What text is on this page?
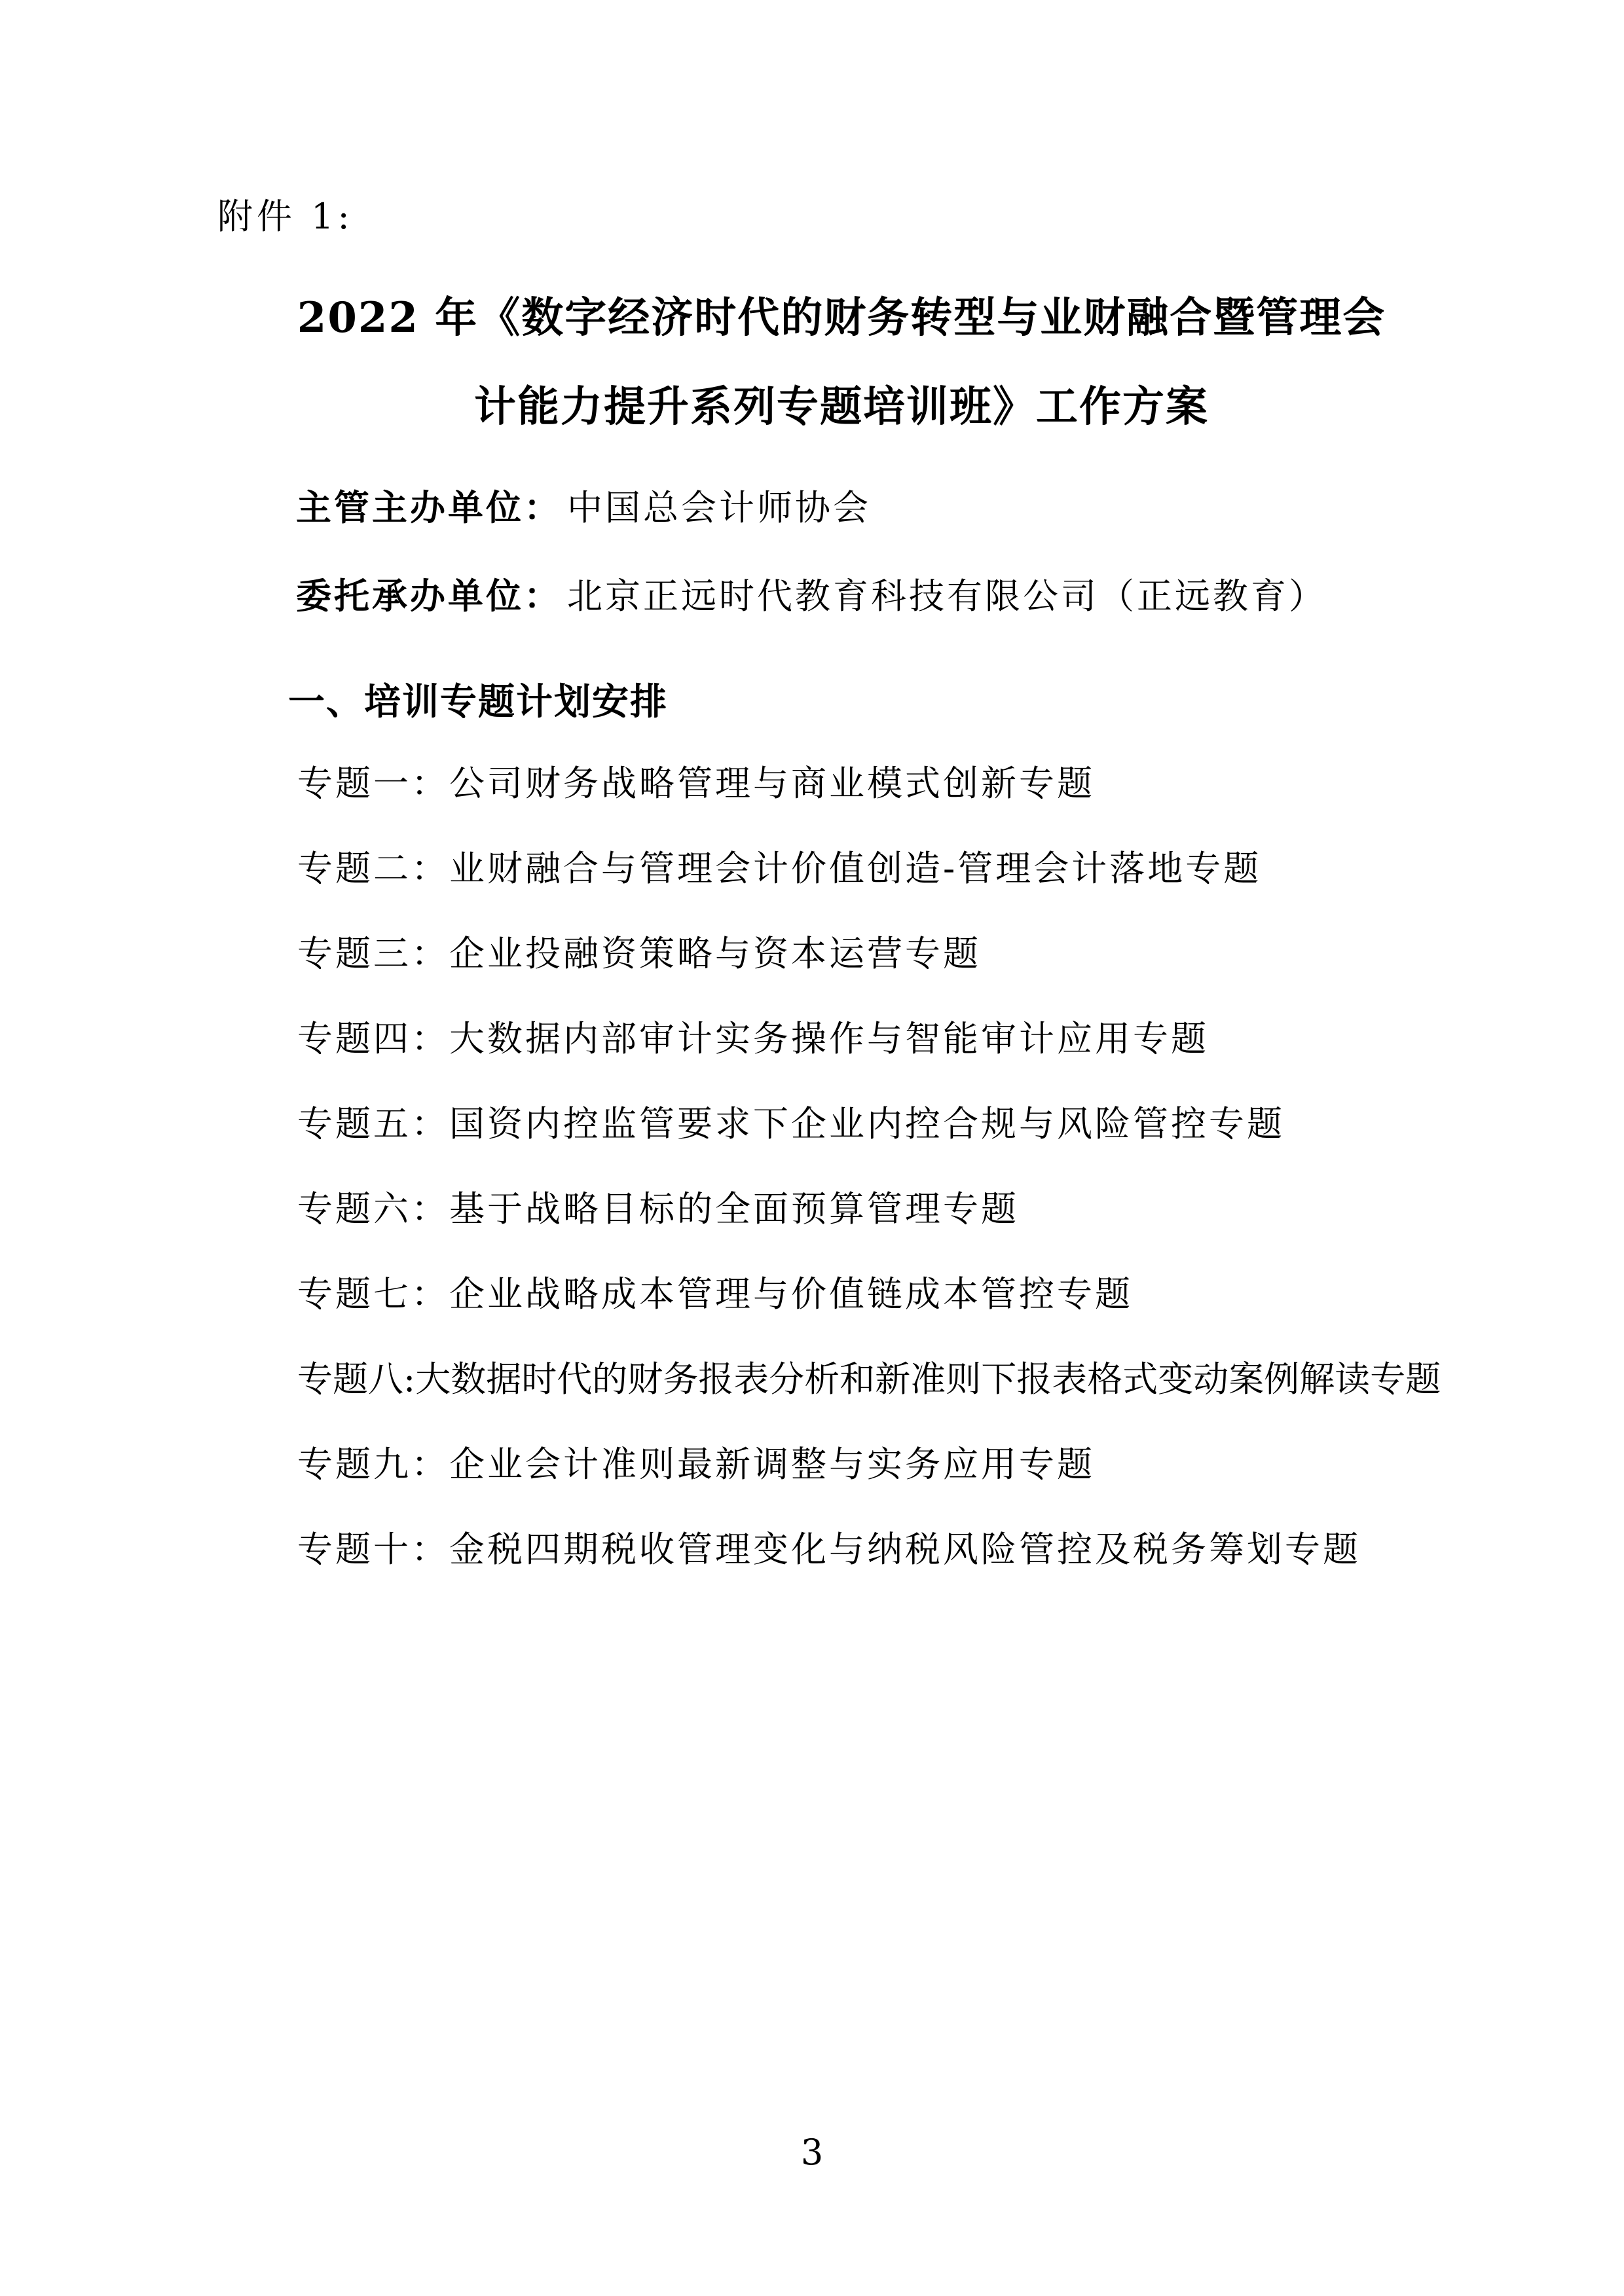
附件 1:
2022 年《数字经济时代的财务转型与业财融合暨管理会
计能力提升系列专题培训班》工作方案
主管主办单位： 中国总会计师协会
委托承办单位： 北京正远时代教育科技有限公司（正远教育）
一、培训专题计划安排
专题一：公司财务战略管理与商业模式创新专题
专题二：业财融合与管理会计价值创造-管理会计落地专题
专题三：企业投融资策略与资本运营专题
专题四：大数据内部审计实务操作与智能审计应用专题
专题五：国资内控监管要求下企业内控合规与风险管控专题
专题六：基于战略目标的全面预算管理专题
专题七：企业战略成本管理与价值链成本管控专题
专题八:大数据时代的财务报表分析和新准则下报表格式变动案例解读专题
专题九：企业会计准则最新调整与实务应用专题
专题十：金税四期税收管理变化与纳税风险管控及税务筹划专题
3
